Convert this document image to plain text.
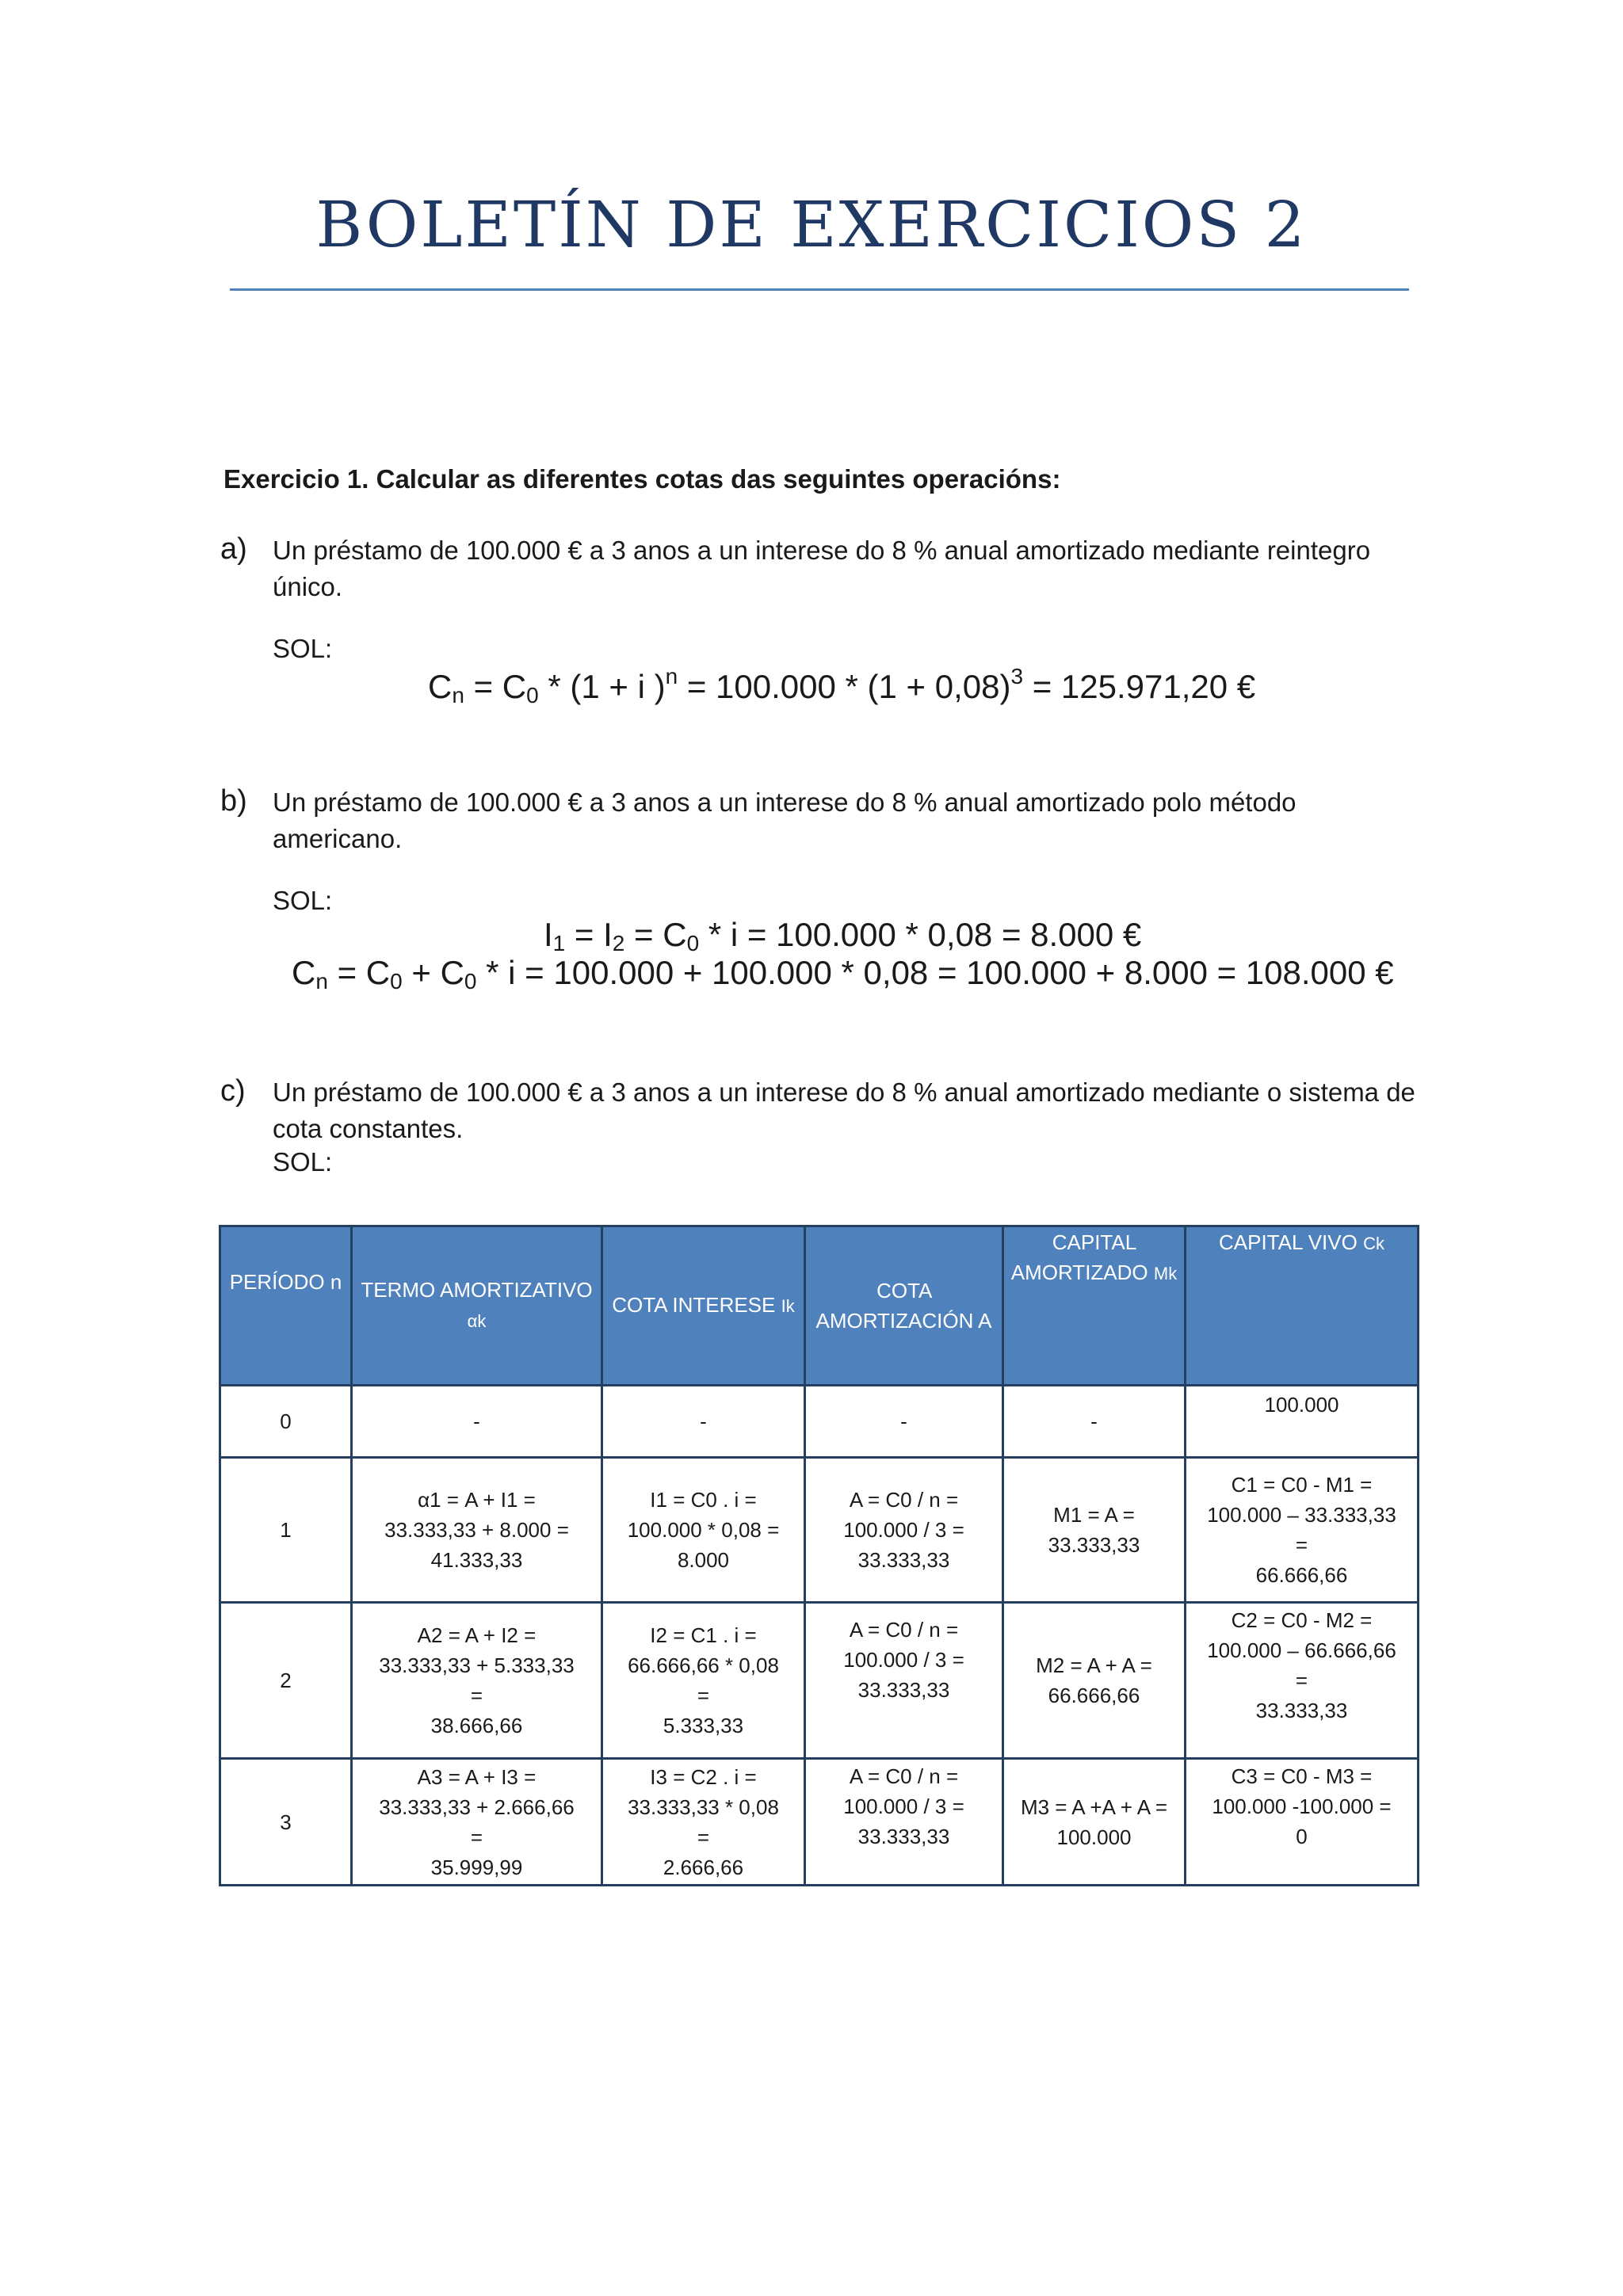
BOLETÍN DE EXERCICIOS 2
Exercicio 1. Calcular as diferentes cotas das seguintes operacións:
a) Un préstamo de 100.000 € a 3 anos a un interese do 8 % anual amortizado mediante reintegro único.
SOL:
$C_n = C_0 * (1 + i$ )$^n = 100.000 * (1 + 0,08)^3 = 125.971,20$ €
b) Un préstamo de 100.000 € a 3 anos a un interese do 8 % anual amortizado polo método americano.
SOL:
$I_1 = I_2 = C_0 * i = 100.000 * 0,08 = 8.000$ €
$C_n = C_0 + C_0 * i = 100.000 + 100.000 * 0,08 = 100.000 + 8.000 = 108.000$ €
c) Un préstamo de 100.000 € a 3 anos a un interese do 8 % anual amortizado mediante o sistema de cota constantes.
SOL:
PERÍODO n	TERMO AMORTIZATIVO αk	COTA INTERESE Ik	COTA AMORTIZACIÓN A	CAPITAL AMORTIZADO Mk	CAPITAL VIVO Ck

0	-	-	-	-	100.000

1	α1 = A + I1 =
33.333,33 + 8.000 =
41.333,33	I1 = C0 . i =
100.000 * 0,08 =
8.000	A = C0 / n =
100.000 / 3 =
33.333,33	M1 = A =
33.333,33	C1 = C0 - M1 =
100.000 – 33.333,33
=
66.666,66

2	A2 = A + I2 =
33.333,33 + 5.333,33
=
38.666,66	I2 = C1 . i =
66.666,66 * 0,08
=
5.333,33	A = C0 / n =
100.000 / 3 =
33.333,33	M2 = A + A =
66.666,66	C2 = C0 - M2 =
100.000 – 66.666,66
=
33.333,33

3	A3 = A + I3 =
33.333,33 + 2.666,66
=
35.999,99	I3 = C2 . i =
33.333,33 * 0,08
=
2.666,66	A = C0 / n =
100.000 / 3 =
33.333,33	M3 = A +A + A =
100.000	C3 = C0 - M3 =
100.000 -100.000 =
0
